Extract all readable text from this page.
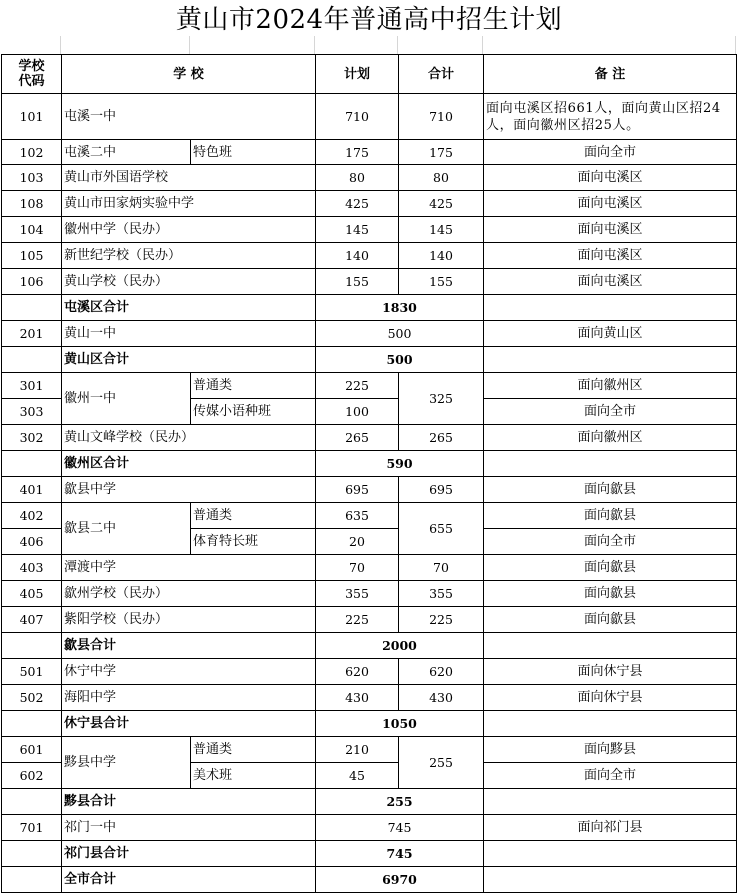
黄山市2024年普通高中招生计划
学校
代码	学 校		计划	合计	备 注
101	屯溪一中		710	710	面向屯溪区招661人，面向黄山区招24人，面向徽州区招25人。
102	屯溪二中	特色班	175	175	面向全市
103	黄山市外国语学校		80	80	面向屯溪区
108	黄山市田家炳实验中学		425	425	面向屯溪区
104	徽州中学（民办）		145	145	面向屯溪区
105	新世纪学校（民办）		140	140	面向屯溪区
106	黄山学校（民办）		155	155	面向屯溪区
	屯溪区合计		1830		
201	黄山一中		500		面向黄山区
	黄山区合计		500		
301	徽州一中	普通类	225	325	面向徽州区
303		传媒小语种班	100		面向全市
302	黄山文峰学校（民办）		265	265	面向徽州区
	徽州区合计		590		
401	歙县中学		695	695	面向歙县
402	歙县二中	普通类	635	655	面向歙县
406		体育特长班	20		面向全市
403	潭渡中学		70	70	面向歙县
405	歙州学校（民办）		355	355	面向歙县
407	紫阳学校（民办）		225	225	面向歙县
	歙县合计		2000		
501	休宁中学		620	620	面向休宁县
502	海阳中学		430	430	面向休宁县
	休宁县合计		1050		
601	黟县中学	普通类	210	255	面向黟县
602		美术班	45		面向全市
	黟县合计		255		
701	祁门一中		745		面向祁门县
	祁门县合计		745		
	全市合计		6970		
